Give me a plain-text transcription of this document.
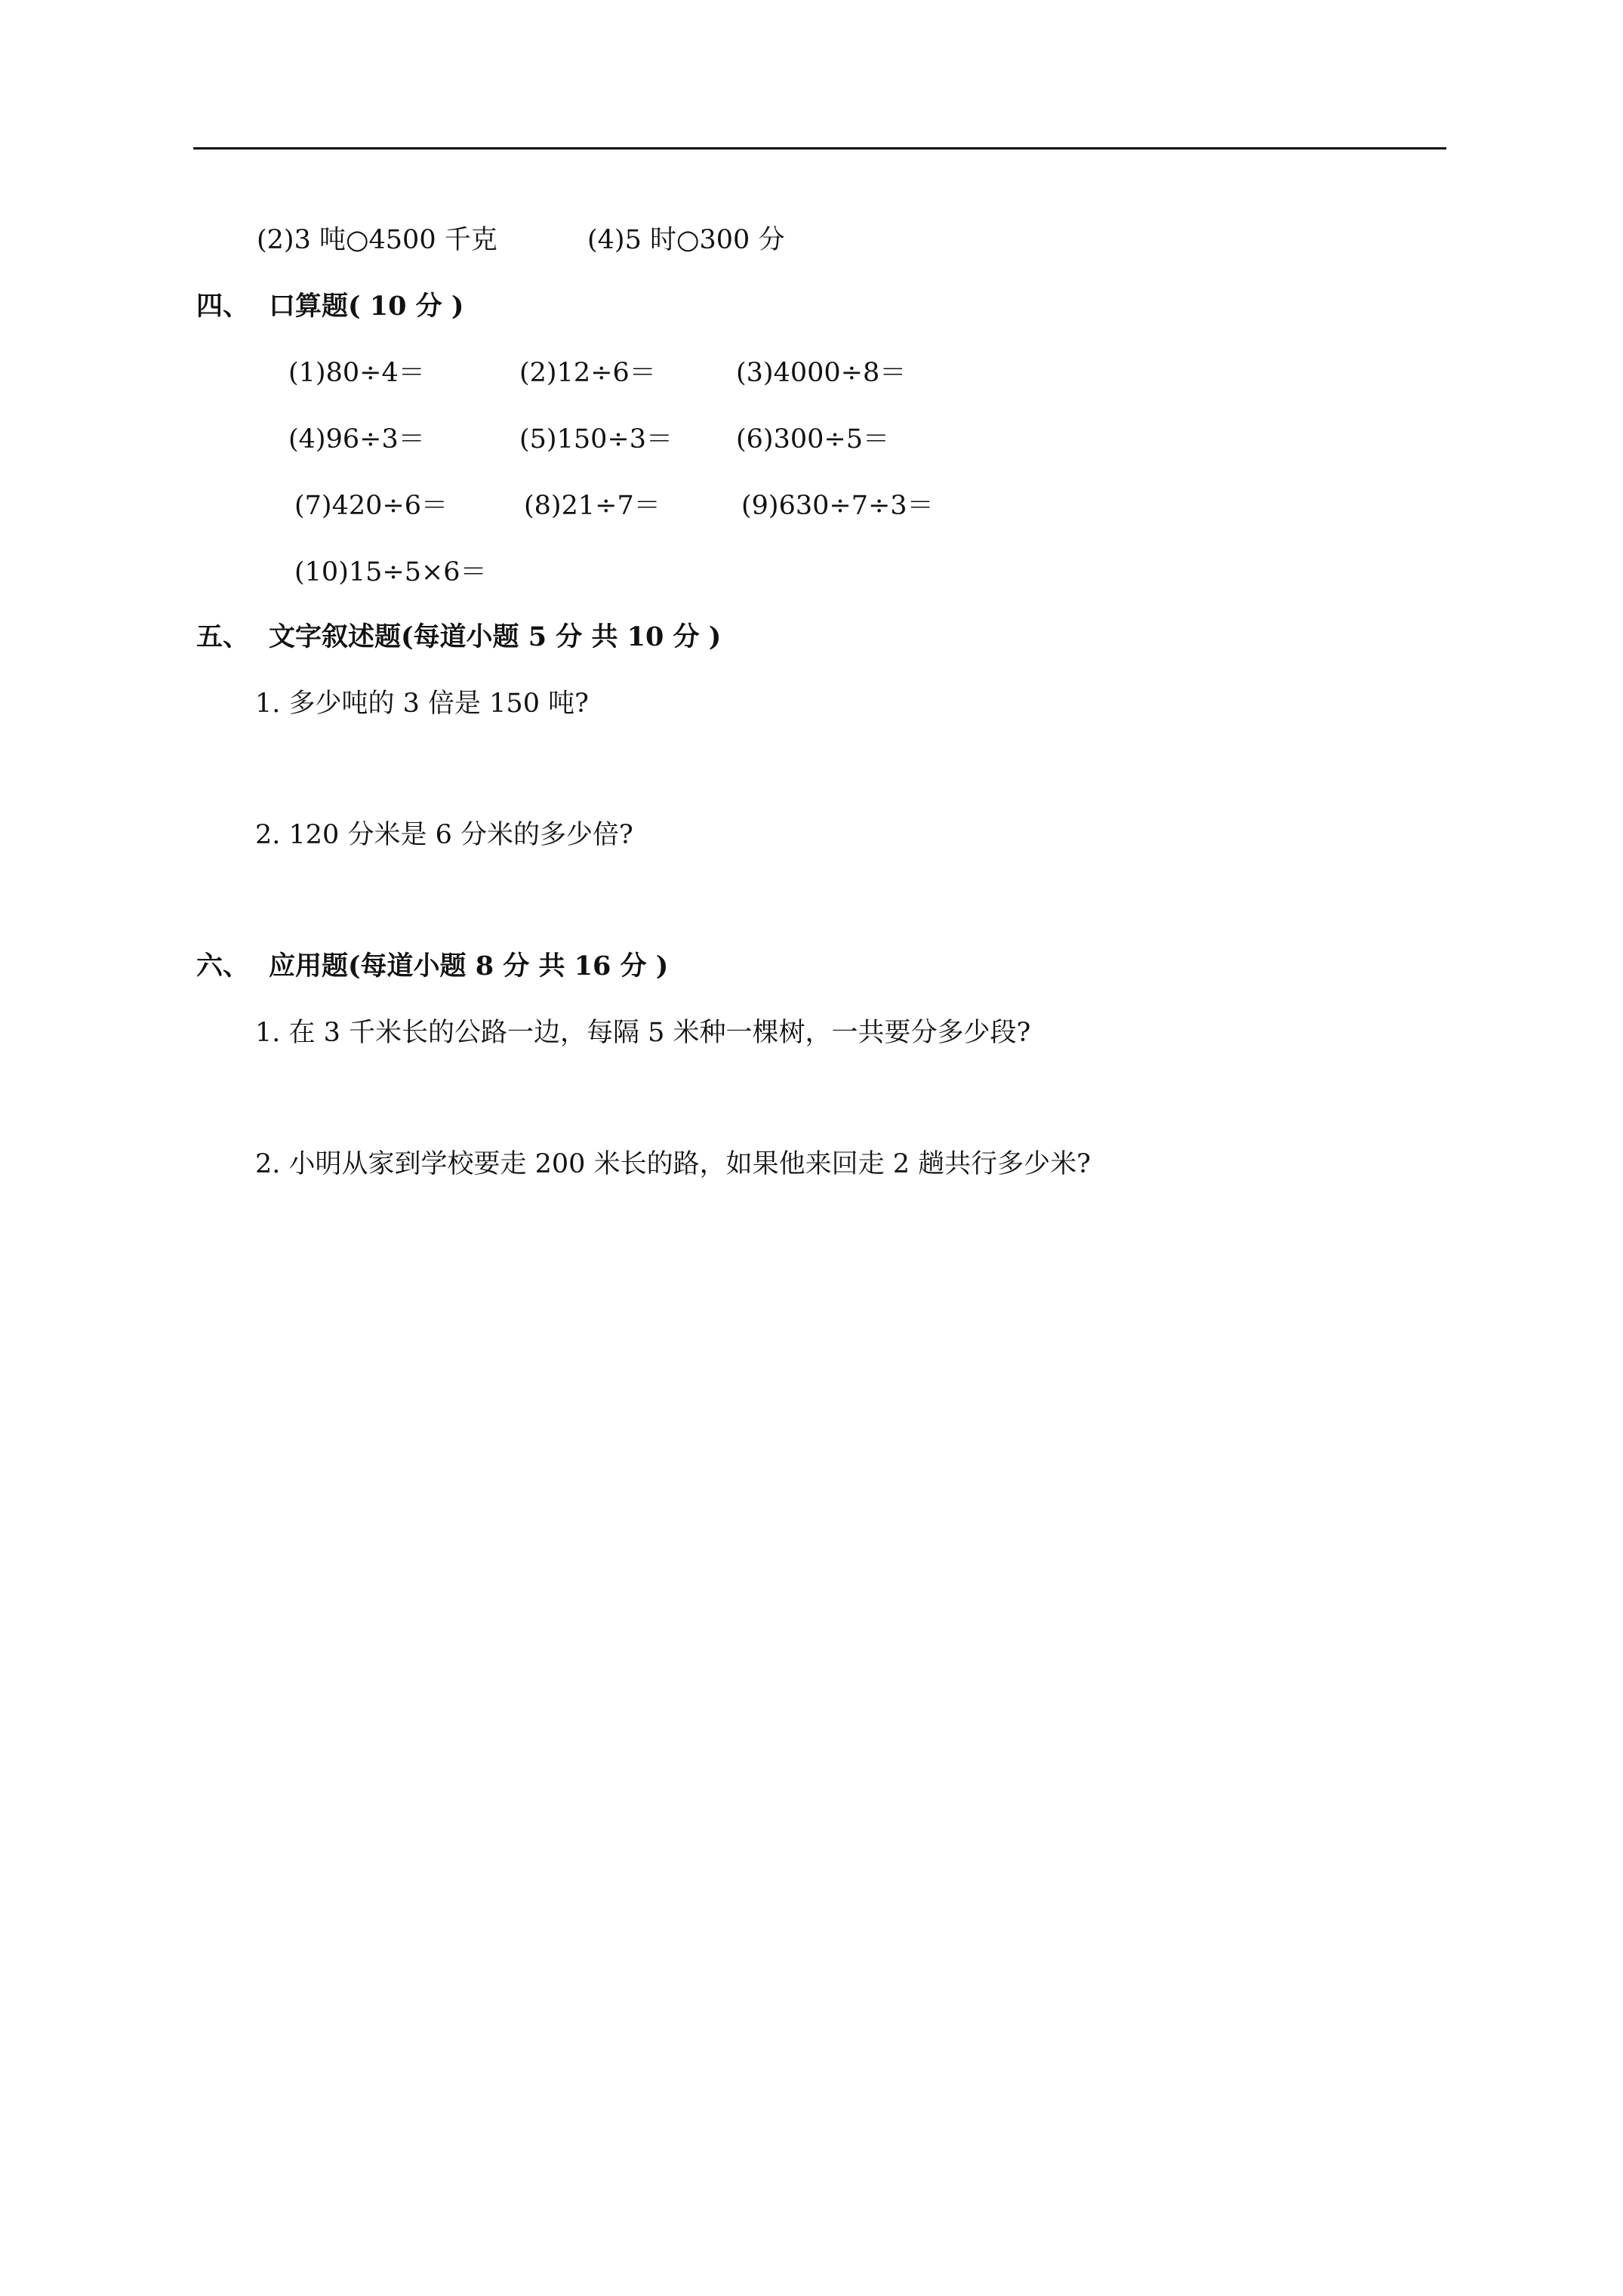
(2)3 吨○4500 千克	(4)5 时○300 分
四、 口算题( 10 分 )
(1)80÷4＝	(2)12÷6＝	(3)4000÷8＝
(4)96÷3＝	(5)150÷3＝ (6)300÷5＝
(7)420÷6＝	(8)21÷7＝	(9)630÷7÷3＝
(10)15÷5×6＝
五、 文字叙述题(每道小题 5 分 共 10 分 )
1. 多少吨的 3 倍是 150 吨?
2. 120 分米是 6 分米的多少倍?
六、 应用题(每道小题 8 分 共 16 分 )
1. 在 3 千米长的公路一边，每隔 5 米种一棵树，一共要分多少段?
2. 小明从家到学校要走 200 米长的路，如果他来回走 2 趟共行多少米?
